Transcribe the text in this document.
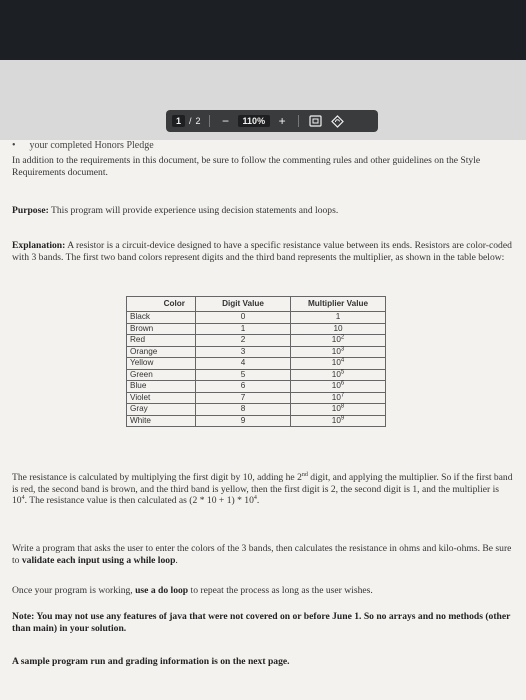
1 / 2	−	110%	+
• your completed Honors Pledge

In addition to the requirements in this document, be sure to follow the commenting rules and other guidelines on the Style Requirements document.

Purpose: This program will provide experience using decision statements and loops.

Explanation: A resistor is a circuit-device designed to have a specific resistance value between its ends. Resistors are color-coded with 3 bands. The first two band colors represent digits and the third band represents the multiplier, as shown in the table below:

Color	Digit Value	Multiplier Value
Black	0	1
Brown	1	10
Red	2	$10^2$
Orange	3	$10^3$
Yellow	4	$10^4$
Green	5	$10^5$
Blue	6	$10^6$
Violet	7	$10^7$
Gray	8	$10^8$
White	9	$10^9$

The resistance is calculated by multiplying the first digit by 10, adding he 2nd digit, and applying the multiplier. So if the first band is red, the second band is brown, and the third band is yellow, then the first digit is 2, the second digit is 1, and the multiplier is $10^4$. The resistance value is then calculated as $(2 * 10 + 1) * 10^4$.

Write a program that asks the user to enter the colors of the 3 bands, then calculates the resistance in ohms and kilo-ohms. Be sure to validate each input using a while loop.

Once your program is working, use a do loop to repeat the process as long as the user wishes.

Note: You may not use any features of java that were not covered on or before June 1. So no arrays and no methods (other than main) in your solution.

A sample program run and grading information is on the next page.
